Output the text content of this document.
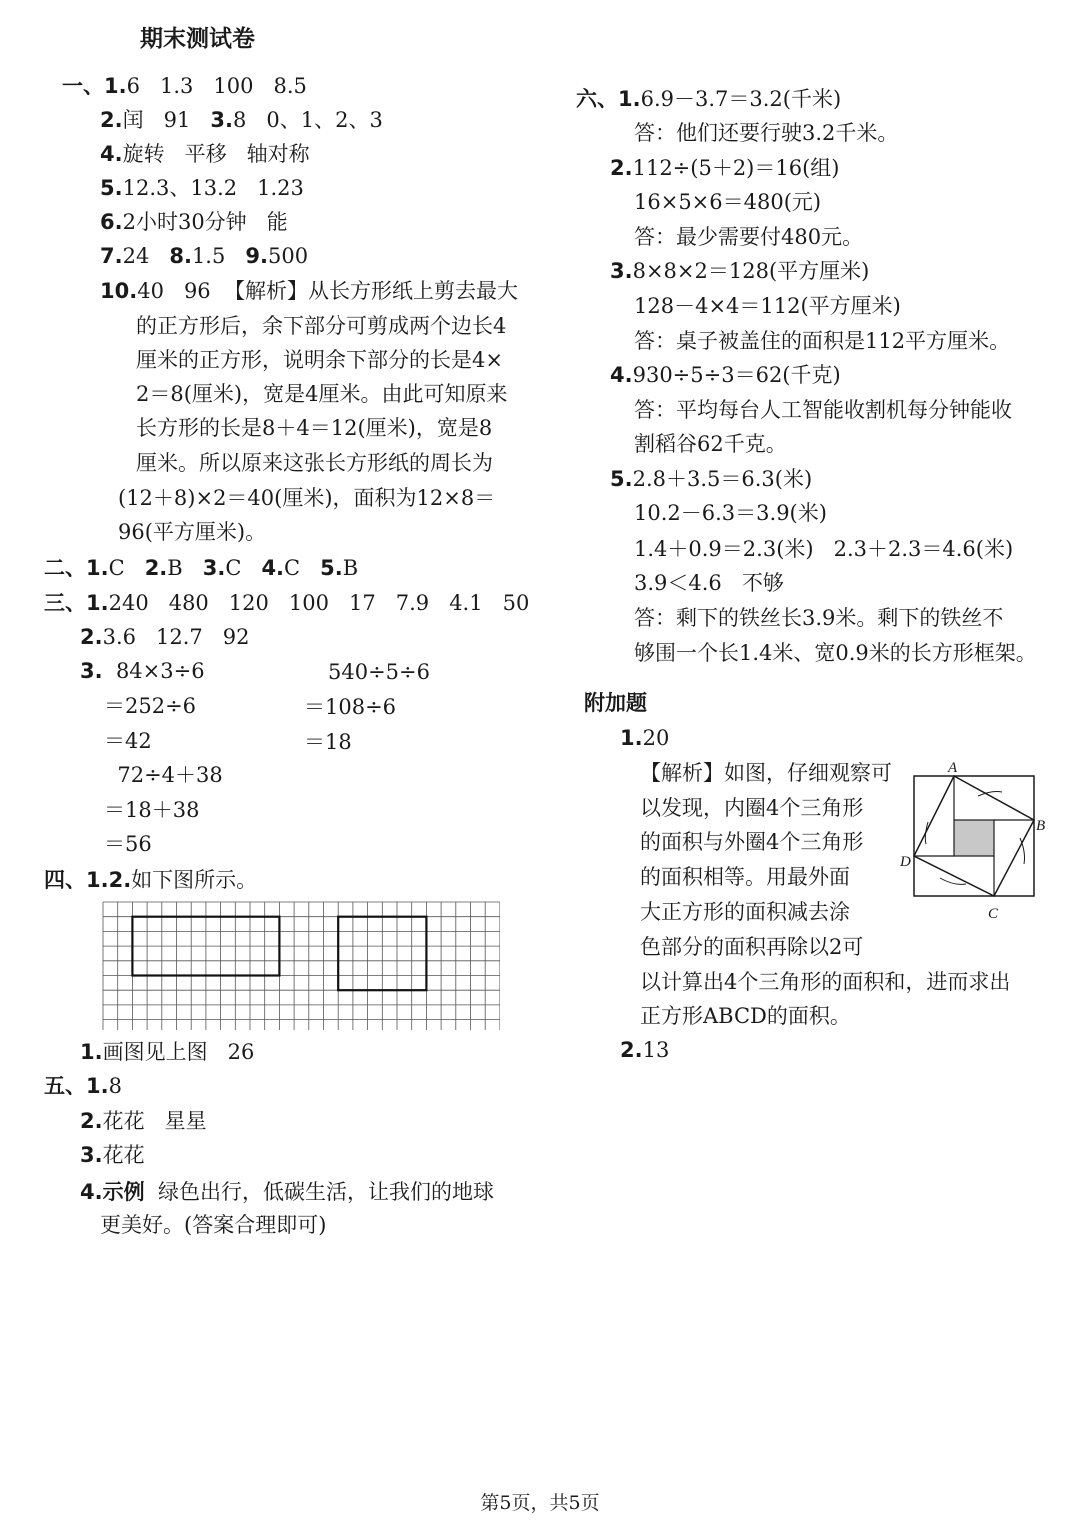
期末测试卷
一、1.6   1.3   100   8.5
2.闰   91   3.8   0、1、2、3
4.旋转   平移   轴对称
5.12.3、13.2   1.23
6.2小时30分钟   能
7.24   8.1.5   9.500
10.40   96  【解析】从长方形纸上剪去最大
的正方形后，余下部分可剪成两个边长4
厘米的正方形，说明余下部分的长是4×
2＝8(厘米)，宽是4厘米。由此可知原来
长方形的长是8＋4＝12(厘米)，宽是8
厘米。所以原来这张长方形纸的周长为
(12＋8)×2＝40(厘米)，面积为12×8＝
96(平方厘米)。
二、1.C   2.B   3.C   4.C   5.B
三、1.240   480   120   100   17   7.9   4.1   50
2.3.6   12.7   92
3.  84×3÷6
＝252÷6
＝42
72÷4＋38
＝18＋38
＝56
540÷5÷6
＝108÷6
＝18
四、1.2.如下图所示。
1.画图见上图   26
五、1.8
2.花花   星星
3.花花
4.示例  绿色出行，低碳生活，让我们的地球
更美好。(答案合理即可)
六、1.6.9－3.7＝3.2(千米)
答：他们还要行驶3.2千米。
2.112÷(5＋2)＝16(组)
16×5×6＝480(元)
答：最少需要付480元。
3.8×8×2＝128(平方厘米)
128－4×4＝112(平方厘米)
答：桌子被盖住的面积是112平方厘米。
4.930÷5÷3＝62(千克)
答：平均每台人工智能收割机每分钟能收
割稻谷62千克。
5.2.8＋3.5＝6.3(米)
10.2－6.3＝3.9(米)
1.4＋0.9＝2.3(米)   2.3＋2.3＝4.6(米)
3.9＜4.6   不够
答：剩下的铁丝长3.9米。剩下的铁丝不
够围一个长1.4米、宽0.9米的长方形框架。
附加题
1.20
【解析】如图，仔细观察可
以发现，内圈4个三角形
的面积与外圈4个三角形
的面积相等。用最外面
大正方形的面积减去涂
色部分的面积再除以2可
以计算出4个三角形的面积和，进而求出
正方形ABCD的面积。
2.13
A
B
C
D
第5页，共5页
